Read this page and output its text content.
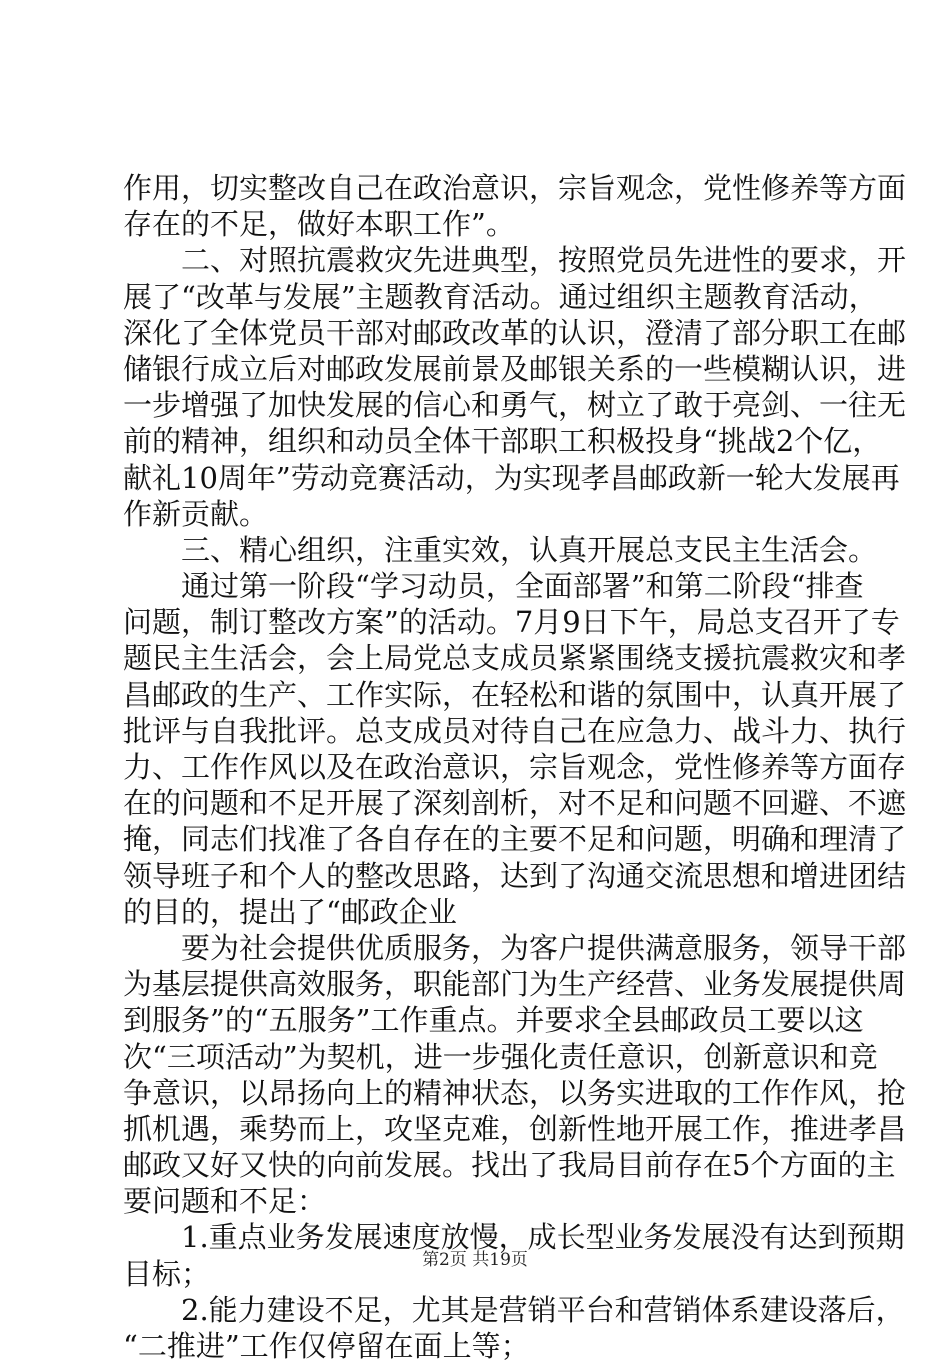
作用，切实整改自己在政治意识，宗旨观念，党性修养等方面
存在的不足，做好本职工作”。
二、对照抗震救灾先进典型，按照党员先进性的要求，开
展了“改革与发展”主题教育活动。通过组织主题教育活动，
深化了全体党员干部对邮政改革的认识，澄清了部分职工在邮
储银行成立后对邮政发展前景及邮银关系的一些模糊认识，进
一步增强了加快发展的信心和勇气，树立了敢于亮剑、一往无
前的精神，组织和动员全体干部职工积极投身“挑战2个亿，
献礼10周年”劳动竞赛活动，为实现孝昌邮政新一轮大发展再
作新贡献。
三、精心组织，注重实效，认真开展总支民主生活会。
通过第一阶段“学习动员，全面部署”和第二阶段“排查
问题，制订整改方案”的活动。7月9日下午，局总支召开了专
题民主生活会，会上局党总支成员紧紧围绕支援抗震救灾和孝
昌邮政的生产、工作实际，在轻松和谐的氛围中，认真开展了
批评与自我批评。总支成员对待自己在应急力、战斗力、执行
力、工作作风以及在政治意识，宗旨观念，党性修养等方面存
在的问题和不足开展了深刻剖析，对不足和问题不回避、不遮
掩，同志们找准了各自存在的主要不足和问题，明确和理清了
领导班子和个人的整改思路，达到了沟通交流思想和增进团结
的目的，提出了“邮政企业
要为社会提供优质服务，为客户提供满意服务，领导干部
为基层提供高效服务，职能部门为生产经营、业务发展提供周
到服务”的“五服务”工作重点。并要求全县邮政员工要以这
次“三项活动”为契机，进一步强化责任意识，创新意识和竞
争意识，以昂扬向上的精神状态，以务实进取的工作作风，抢
抓机遇，乘势而上，攻坚克难，创新性地开展工作，推进孝昌
邮政又好又快的向前发展。找出了我局目前存在5个方面的主
要问题和不足：
1.重点业务发展速度放慢，成长型业务发展没有达到预期
目标；
2.能力建设不足，尤其是营销平台和营销体系建设落后，
“二推进”工作仅停留在面上等；
第2页 共19页
